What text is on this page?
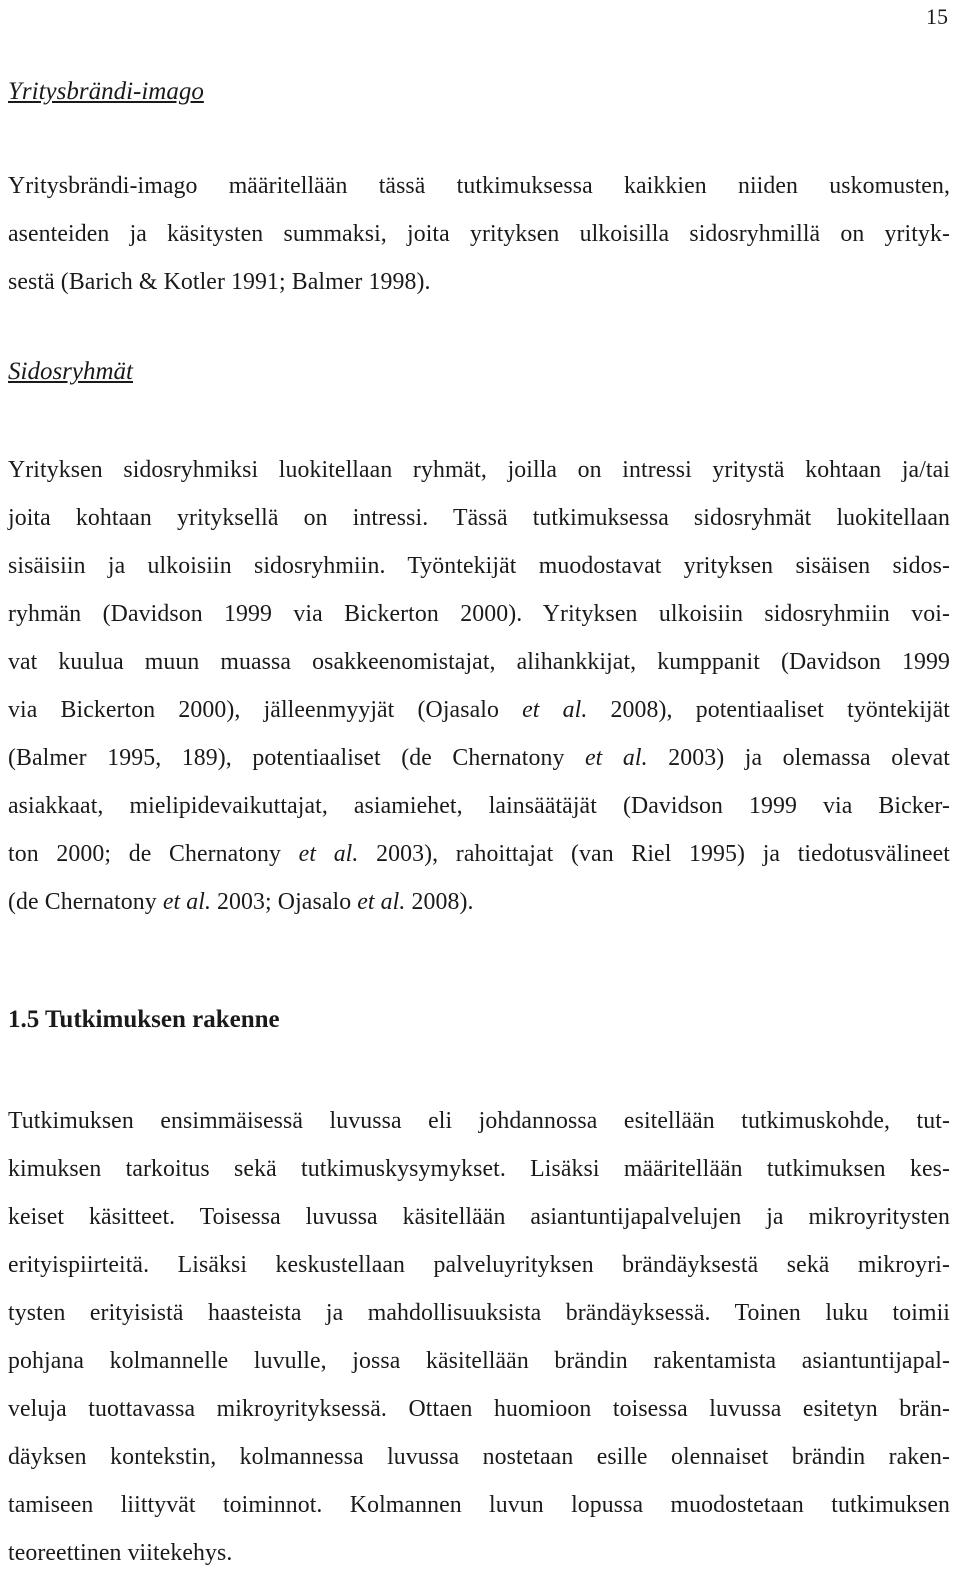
15
Yritysbrändi-imago
Yritysbrändi-imago määritellään tässä tutkimuksessa kaikkien niiden uskomusten,
asenteiden ja käsitysten summaksi, joita yrityksen ulkoisilla sidosryhmillä on yrityk-
sestä (Barich & Kotler 1991; Balmer 1998).
Sidosryhmät
Yrityksen sidosryhmiksi luokitellaan ryhmät, joilla on intressi yritystä kohtaan ja/tai
joita kohtaan yrityksellä on intressi. Tässä tutkimuksessa sidosryhmät luokitellaan
sisäisiin ja ulkoisiin sidosryhmiin. Työntekijät muodostavat yrityksen sisäisen sidos-
ryhmän (Davidson 1999 via Bickerton 2000). Yrityksen ulkoisiin sidosryhmiin voi-
vat kuulua muun muassa osakkeenomistajat, alihankkijat, kumppanit (Davidson 1999
via Bickerton 2000), jälleenmyyjät (Ojasalo et al. 2008), potentiaaliset työntekijät
(Balmer 1995, 189), potentiaaliset (de Chernatony et al. 2003) ja olemassa olevat
asiakkaat, mielipidevaikuttajat, asiamiehet, lainsäätäjät (Davidson 1999 via Bicker-
ton 2000; de Chernatony et al. 2003), rahoittajat (van Riel 1995) ja tiedotusvälineet
(de Chernatony et al. 2003; Ojasalo et al. 2008).
1.5 Tutkimuksen rakenne
Tutkimuksen ensimmäisessä luvussa eli johdannossa esitellään tutkimuskohde, tut-
kimuksen tarkoitus sekä tutkimuskysymykset. Lisäksi määritellään tutkimuksen kes-
keiset käsitteet. Toisessa luvussa käsitellään asiantuntijapalvelujen ja mikroyritysten
erityispiirteitä. Lisäksi keskustellaan palveluyrityksen brändäyksestä sekä mikroyri-
tysten erityisistä haasteista ja mahdollisuuksista brändäyksessä. Toinen luku toimii
pohjana kolmannelle luvulle, jossa käsitellään brändin rakentamista asiantuntijapal-
veluja tuottavassa mikroyrityksessä. Ottaen huomioon toisessa luvussa esitetyn brän-
däyksen kontekstin, kolmannessa luvussa nostetaan esille olennaiset brändin raken-
tamiseen liittyvät toiminnot. Kolmannen luvun lopussa muodostetaan tutkimuksen
teoreettinen viitekehys.
